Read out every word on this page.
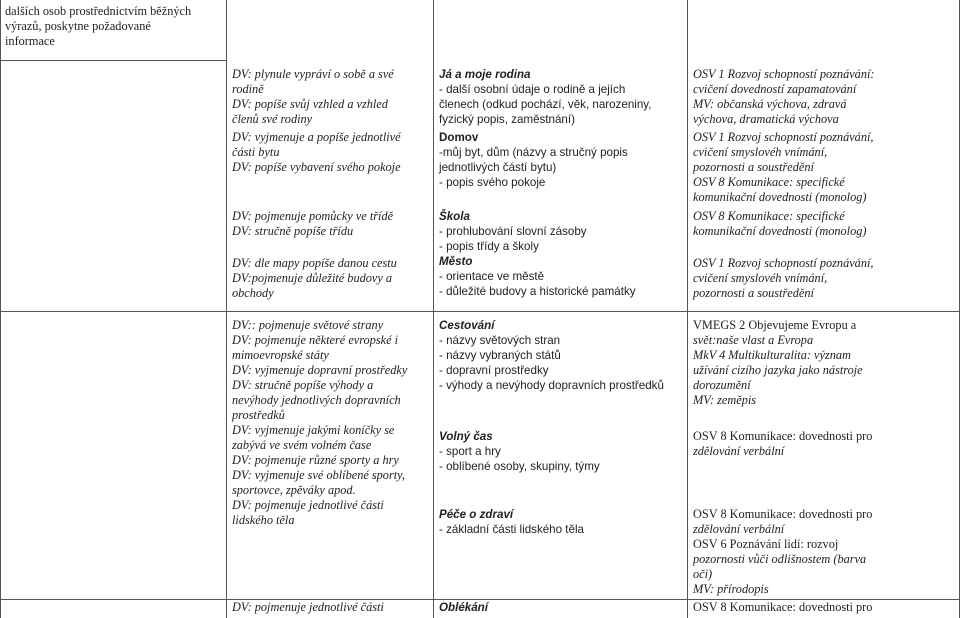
dalších osob prostřednictvím běžných
výrazů, poskytne požadované
informace
DV: plynule vypráví o sobě a své
rodině
DV: popíše svůj vzhled a vzhled
členů své rodiny
DV: vyjmenuje a popíše jednotlivé
části bytu
DV: popíše vybavení svého pokoje
DV: pojmenuje pomůcky ve třídě
DV: stručně popíše třídu
DV: dle mapy popíše danou cestu
DV:pojmenuje důležité budovy a
obchody
DV:: pojmenuje světové strany
DV: pojmenuje některé evropské i
mimoevropské státy
DV: vyjmenuje dopravní prostředky
DV: stručně popíše výhody a
nevýhody jednotlivých dopravních
prostředků
DV: vyjmenuje jakými koníčky se
zabývá ve svém volném čase
DV: pojmenuje různé sporty a hry
DV: vyjmenuje své oblíbené sporty,
sportovce, zpěváky apod.
DV: pojmenuje jednotlivé části
lidského těla
DV: pojmenuje jednotlivé části
Já a moje rodina
- další osobní údaje o rodině a jejích
členech (odkud pochází, věk, narozeniny,
fyzický popis, zaměstnání)
Domov
-můj byt, dům (názvy a stručný popis
jednotlivých částí bytu)
- popis svého pokoje
Škola
- prohlubování slovní zásoby
- popis třídy a školy
Město
- orientace ve městě
- důležité budovy a historické památky
Cestování
- názvy světových stran
- názvy vybraných států
- dopravní prostředky
- výhody a nevýhody dopravních prostředků
Volný čas
- sport a hry
- oblíbené osoby, skupiny, týmy
Péče o zdraví
- základní části lidského těla
Oblékání
OSV 1 Rozvoj schopností poznávání:
cvičení dovedností zapamatování
MV: občanská výchova, zdravá
výchova, dramatická výchova
OSV 1 Rozvoj schopností poznávání,
cvičení smyslovéh vnímání,
pozornosti a soustředění
OSV 8 Komunikace: specifické
komunikační dovednosti (monolog)
OSV 8 Komunikace: specifické
komunikační dovednosti (monolog)
OSV 1 Rozvoj schopností poznávání,
cvičení smyslovéh vnímání,
pozornosti a soustředění
VMEGS 2 Objevujeme Evropu a
svět:naše vlast a Evropa
MkV 4 Multikulturalita: význam
užívání cizího jazyka jako nástroje
dorozumění
MV: zeměpis
OSV 8 Komunikace: dovednosti pro
zdělování verbální
OSV 8 Komunikace: dovednosti pro
zdělování verbální
OSV 6 Poznávání lidí: rozvoj
pozornosti vůči odlišnostem (barva
oči)
MV: přírodopis
OSV 8 Komunikace: dovednosti pro
